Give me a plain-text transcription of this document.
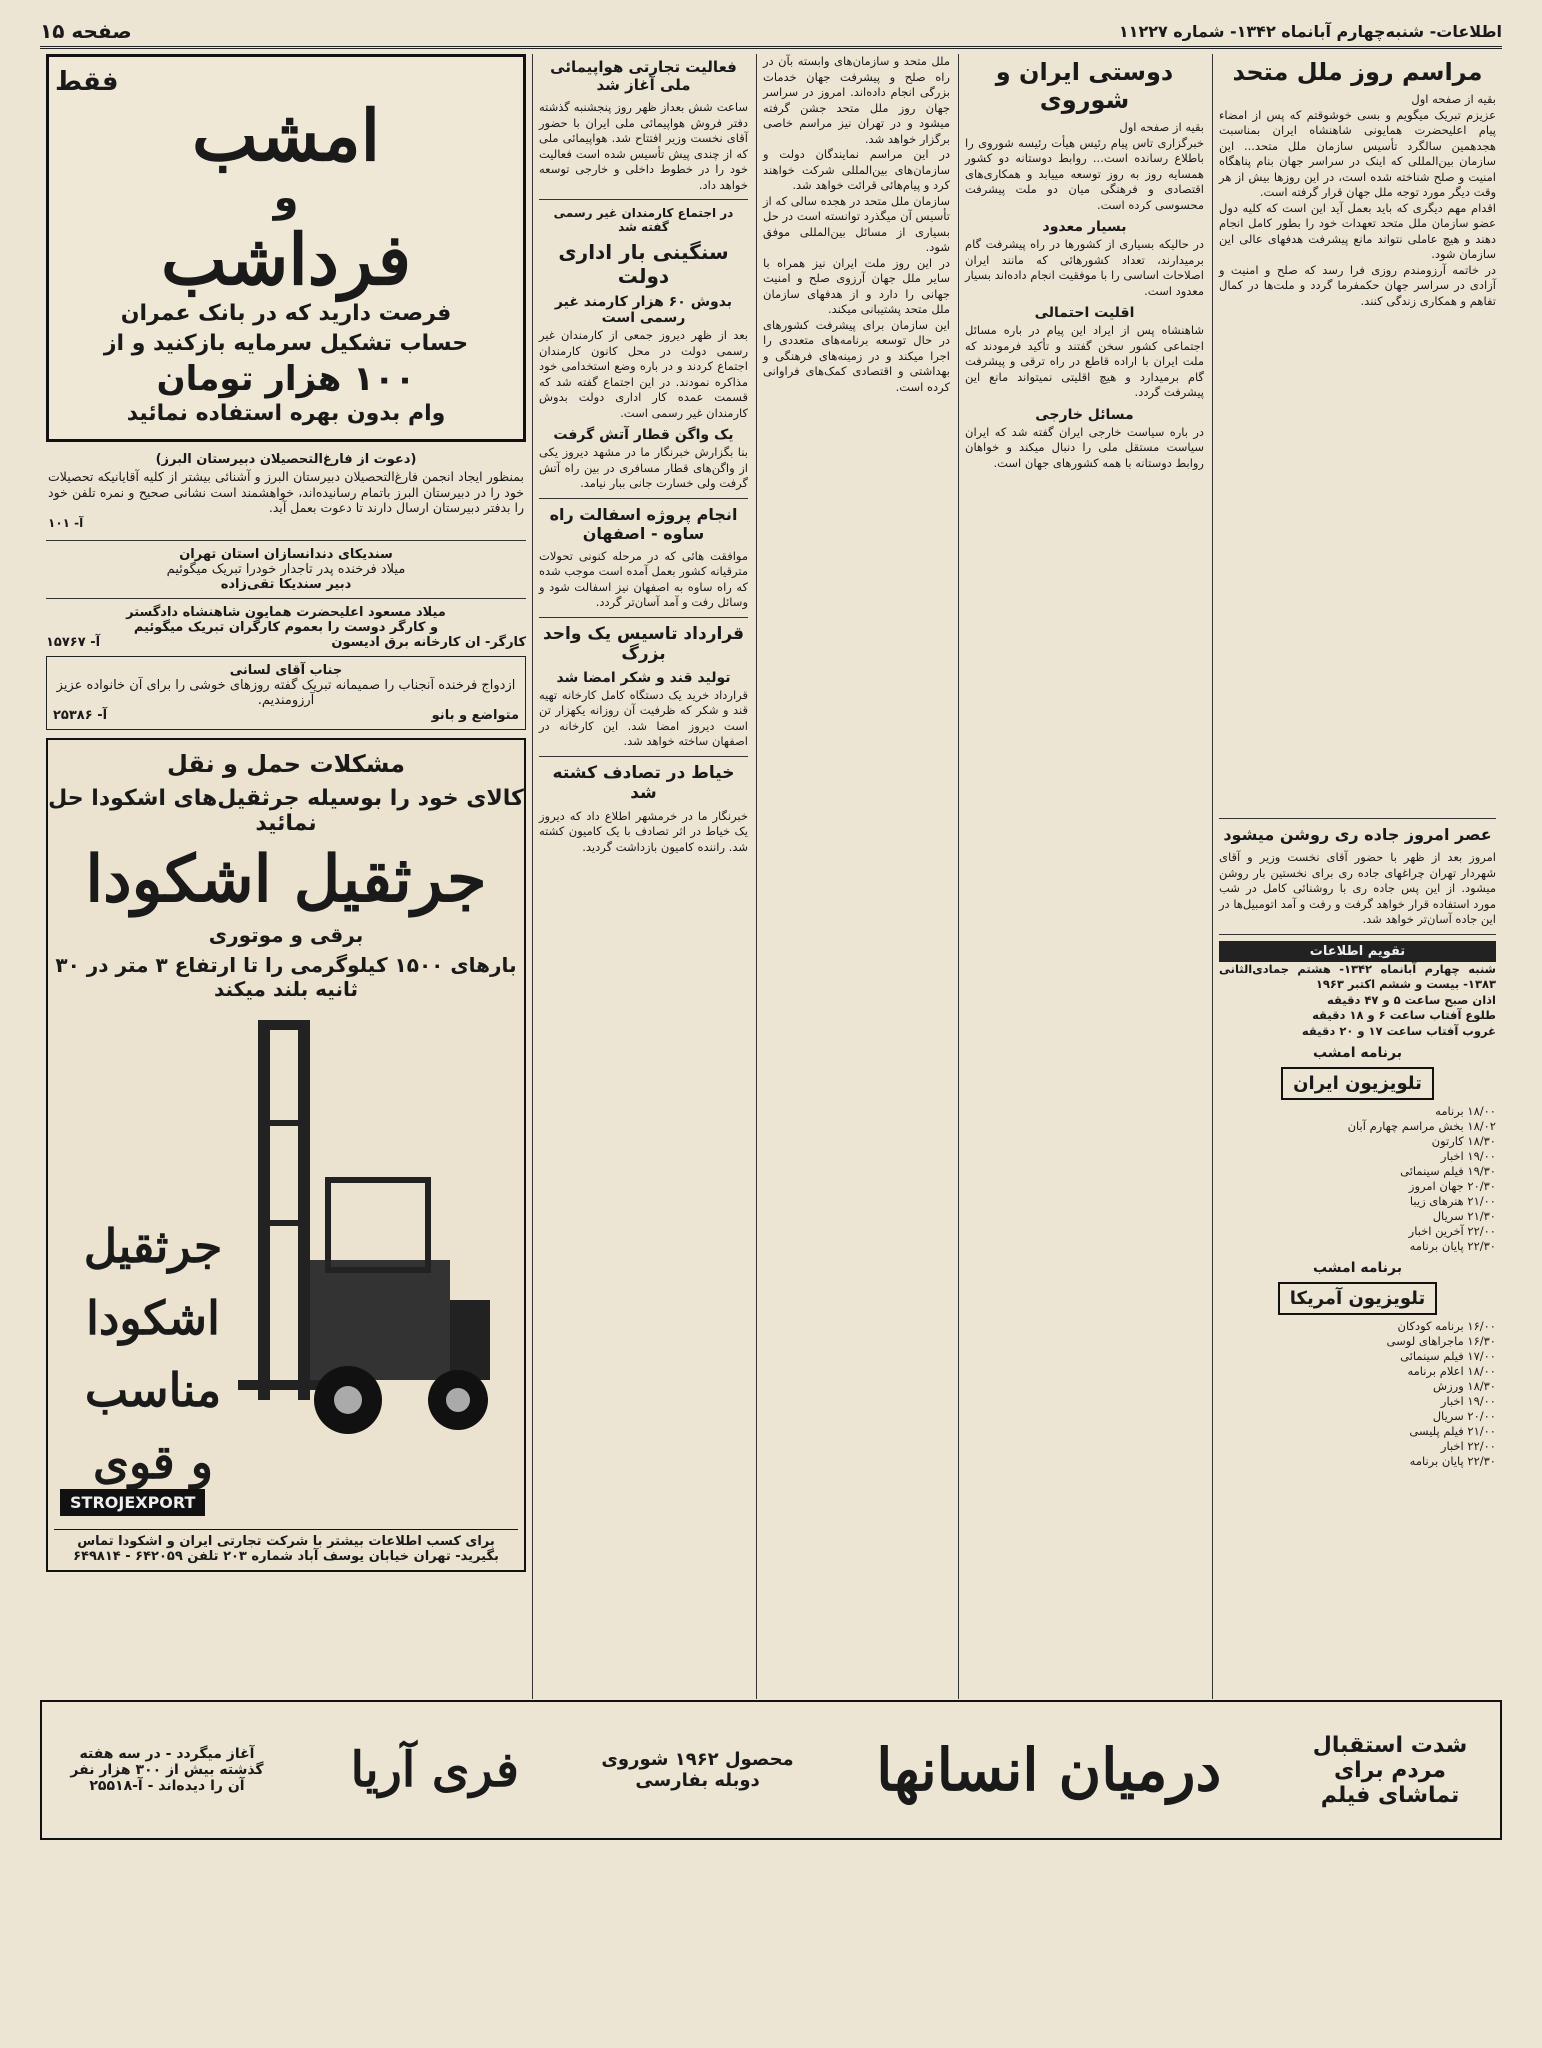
اطلاعات- شنبه‌چهارم آبانماه ۱۳۴۲- شماره ۱۱۲۲۷
صفحه ۱۵
مراسم روز ملل متحد
بقیه از صفحه اول
عزیزم تبریک میگویم و بسی خوشوقتم که پس از امضاء پیام اعلیحضرت همایونی شاهنشاه ایران بمناسبت هجدهمین سالگرد تأسیس سازمان ملل متحد... این سازمان بین‌المللی که اینک در سراسر جهان بنام پناهگاه امنیت و صلح شناخته شده است، در این روزها بیش از هر وقت دیگر مورد توجه ملل جهان قرار گرفته است.
اقدام مهم دیگری که باید بعمل آید این است که کلیه دول عضو سازمان ملل متحد تعهدات خود را بطور کامل انجام دهند و هیچ عاملی نتواند مانع پیشرفت هدفهای عالی این سازمان شود.
در خاتمه آرزومندم روزی فرا رسد که صلح و امنیت و آزادی در سراسر جهان حکمفرما گردد و ملت‌ها در کمال تفاهم و همکاری زندگی کنند.
عصر امروز جاده ری روشن میشود
امروز بعد از ظهر با حضور آقای نخست وزیر و آقای شهردار تهران چراغهای جاده ری برای نخستین بار روشن میشود. از این پس جاده ری با روشنائی کامل در شب مورد استفاده قرار خواهد گرفت و رفت و آمد اتومبیل‌ها در این جاده آسان‌تر خواهد شد.
تقویم اطلاعات
شنبه چهارم آبانماه ۱۳۴۲- هشتم جمادی‌الثانی ۱۳۸۳- بیست و ششم اکتبر ۱۹۶۳
اذان صبح ساعت ۵ و ۴۷ دقیقه
طلوع آفتاب ساعت ۶ و ۱۸ دقیقه
غروب آفتاب ساعت ۱۷ و ۲۰ دقیقه
برنامه امشب
تلویزیون ایران
۱۸/۰۰ برنامه
۱۸/۰۲ بخش مراسم چهارم آبان
۱۸/۳۰ کارتون
۱۹/۰۰ اخبار
۱۹/۳۰ فیلم سینمائی
۲۰/۳۰ جهان امروز
۲۱/۰۰ هنرهای زیبا
۲۱/۳۰ سریال
۲۲/۰۰ آخرین اخبار
۲۲/۳۰ پایان برنامه
برنامه امشب
تلویزیون آمریکا
۱۶/۰۰ برنامه کودکان
۱۶/۳۰ ماجراهای لوسی
۱۷/۰۰ فیلم سینمائی
۱۸/۰۰ اعلام برنامه
۱۸/۳۰ ورزش
۱۹/۰۰ اخبار
۲۰/۰۰ سریال
۲۱/۰۰ فیلم پلیسی
۲۲/۰۰ اخبار
۲۲/۳۰ پایان برنامه
دوستی ایران و شوروی
بقیه از صفحه اول
خبرگزاری تاس پیام رئیس هیأت رئیسه شوروی را باطلاع رسانده است... روابط دوستانه دو کشور همسایه روز به روز توسعه مییابد و همکاری‌های اقتصادی و فرهنگی میان دو ملت پیشرفت محسوسی کرده است.
بسیار معدود
در حالیکه بسیاری از کشورها در راه پیشرفت گام برمیدارند، تعداد کشورهائی که مانند ایران اصلاحات اساسی را با موفقیت انجام داده‌اند بسیار معدود است.
اقلیت احتمالی
شاهنشاه پس از ایراد این پیام در باره مسائل اجتماعی کشور سخن گفتند و تأکید فرمودند که ملت ایران با اراده قاطع در راه ترقی و پیشرفت گام برمیدارد و هیچ اقلیتی نمیتواند مانع این پیشرفت گردد.
مسائل خارجی
در باره سیاست خارجی ایران گفته شد که ایران سیاست مستقل ملی را دنبال میکند و خواهان روابط دوستانه با همه کشورهای جهان است.
ملل متحد و سازمان‌های وابسته بآن در راه صلح و پیشرفت جهان خدمات بزرگی انجام داده‌اند. امروز در سراسر جهان روز ملل متحد جشن گرفته میشود و در تهران نیز مراسم خاصی برگزار خواهد شد.
در این مراسم نمایندگان دولت و سازمان‌های بین‌المللی شرکت خواهند کرد و پیام‌هائی قرائت خواهد شد.
سازمان ملل متحد در هجده سالی که از تأسیس آن میگذرد توانسته است در حل بسیاری از مسائل بین‌المللی موفق شود.
در این روز ملت ایران نیز همراه با سایر ملل جهان آرزوی صلح و امنیت جهانی را دارد و از هدفهای سازمان ملل متحد پشتیبانی میکند.
این سازمان برای پیشرفت کشورهای در حال توسعه برنامه‌های متعددی را اجرا میکند و در زمینه‌های فرهنگی و بهداشتی و اقتصادی کمک‌های فراوانی کرده است.
فعالیت تجارتی هواپیمائی ملی آغاز شد
ساعت شش بعداز ظهر روز پنجشنبه گذشته دفتر فروش هواپیمائی ملی ایران با حضور آقای نخست وزیر افتتاح شد. هواپیمائی ملی که از چندی پیش تأسیس شده است فعالیت خود را در خطوط داخلی و خارجی توسعه خواهد داد.
در اجتماع کارمندان غیر رسمی گفته شد
سنگینی بار اداری دولت
بدوش ۶۰ هزار کارمند غیر رسمی است
بعد از ظهر دیروز جمعی از کارمندان غیر رسمی دولت در محل کانون کارمندان اجتماع کردند و در باره وضع استخدامی خود مذاکره نمودند. در این اجتماع گفته شد که قسمت عمده کار اداری دولت بدوش کارمندان غیر رسمی است.
یک واگن قطار آتش گرفت
بنا بگزارش خبرنگار ما در مشهد دیروز یکی از واگن‌های قطار مسافری در بین راه آتش گرفت ولی خسارت جانی ببار نیامد.
انجام پروژه اسفالت راه ساوه - اصفهان
موافقت هائی که در مرحله کنونی تحولات مترقیانه کشور بعمل آمده است موجب شده که راه ساوه به اصفهان نیز اسفالت شود و وسائل رفت و آمد آسان‌تر گردد.
قرارداد تاسیس یک واحد بزرگ
تولید قند و شکر امضا شد
قرارداد خرید یک دستگاه کامل کارخانه تهیه قند و شکر که ظرفیت آن روزانه یکهزار تن است دیروز امضا شد. این کارخانه در اصفهان ساخته خواهد شد.
خیاط در تصادف کشته شد
خبرنگار ما در خرمشهر اطلاع داد که دیروز یک خیاط در اثر تصادف با یک کامیون کشته شد. راننده کامیون بازداشت گردید.
فقط
امشب
و
فرداشب
فرصت دارید که در بانک عمران
حساب تشکیل سرمایه بازکنید و از
۱۰۰ هزار تومان
وام بدون بهره استفاده نمائید
(دعوت از فارغ‌التحصیلان دبیرستان البرز)
بمنظور ایجاد انجمن فارغ‌التحصیلان دبیرستان البرز و آشنائی بیشتر از کلیه آقایانیکه تحصیلات خود را در دبیرستان البرز باتمام رسانیده‌اند، خواهشمند است نشانی صحیح و نمره تلفن خود را بدفتر دبیرستان ارسال دارند تا دعوت بعمل آید.
آ- ۱۰۱
سندیکای دندانسازان استان تهران
میلاد فرخنده پدر تاجدار خودرا تبریک میگوئیم
دبیر سندیکا تقی‌زاده
میلاد مسعود اعلیحضرت همایون شاهنشاه دادگستر
و کارگر دوست را بعموم کارگران تبریک میگوئیم
کارگر- ان کارخانه برق ادیسون
آ- ۱۵۷۶۷
جناب آقای لسانی
ازدواج فرخنده آنجناب را صمیمانه تبریک گفته روزهای خوشی را برای آن خانواده عزیز آرزومندیم.
متواضع و بانو
آ- ۲۵۳۸۶
مشکلات حمل و نقل
کالای خود را بوسیله جرثقیل‌های اشکودا حل نمائید
جرثقیل اشکودا
برقی و موتوری
بارهای ۱۵۰۰ کیلوگرمی را تا ارتفاع ۳ متر در ۳۰ ثانیه بلند میکند
جرثقیل اشکودا مناسب و قوی
STROJEXPORT
برای کسب اطلاعات بیشتر با شرکت تجارتی ایران و اشکودا تماس بگیرید- تهران خیابان یوسف آباد شماره ۲۰۳ تلفن ۶۴۲۰۵۹ - ۶۴۹۸۱۴
شدت استقبال مردم برای تماشای فیلم
درمیان انسانها
محصول ۱۹۶۲ شوروی دوبله بفارسی
فری آریا
آغاز میگردد - در سه هفته گذشته بیش از ۳۰۰ هزار نفر آن را دیده‌اند - آ-۲۵۵۱۸
